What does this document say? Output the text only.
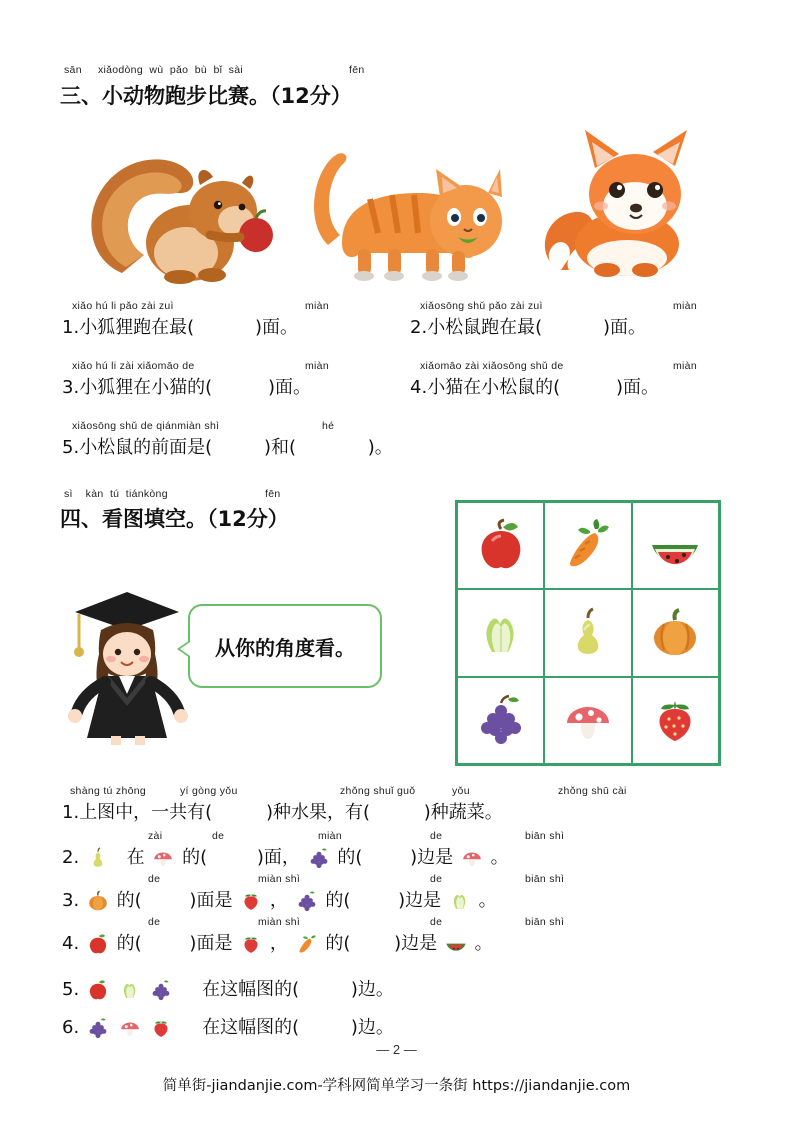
sān xiǎodòng wù pǎo bù bǐ sài	fēn
三、小动物跑步比赛。（12分）
xiǎo hú li pǎo zài zuì	miàn
1.小狐狸跑在最(	)面。
xiǎosōng shǔ pǎo zài zuì	miàn
2.小松鼠跑在最(	)面。
xiǎo hú li zài xiǎomāo de	miàn
3.小狐狸在小猫的(	)面。
xiǎomāo zài xiǎosōng shǔ de	miàn
4.小猫在小松鼠的(	)面。
xiǎosōng shǔ de qiánmiàn shì	hé
5.小松鼠的前面是(	)和(	)。
sì kàn tú tiánkòng	fēn
四、看图填空。（12分）
从你的角度看。
shàng tú zhōng	yí gòng yǒu	zhǒng shuǐ guǒ	yǒu	zhǒng shū cài
1.上图中，一共有(	)种水果，有(	)种蔬菜。
zài	de	miàn	de	biān shì
2.	在 的(	)面， 的(	)边是 。
de	miàn shì	de	biān shì
3. 的(	)面是 ， 的(	)边是 。
de	miàn shì	de	biān shì
4. 的(	)面是 ， 的( )边是 。
5.	在这幅图的(	)边。
6.	在这幅图的(	)边。
— 2 —
简单街-jiandanjie.com-学科网简单学习一条街 https://jiandanjie.com
